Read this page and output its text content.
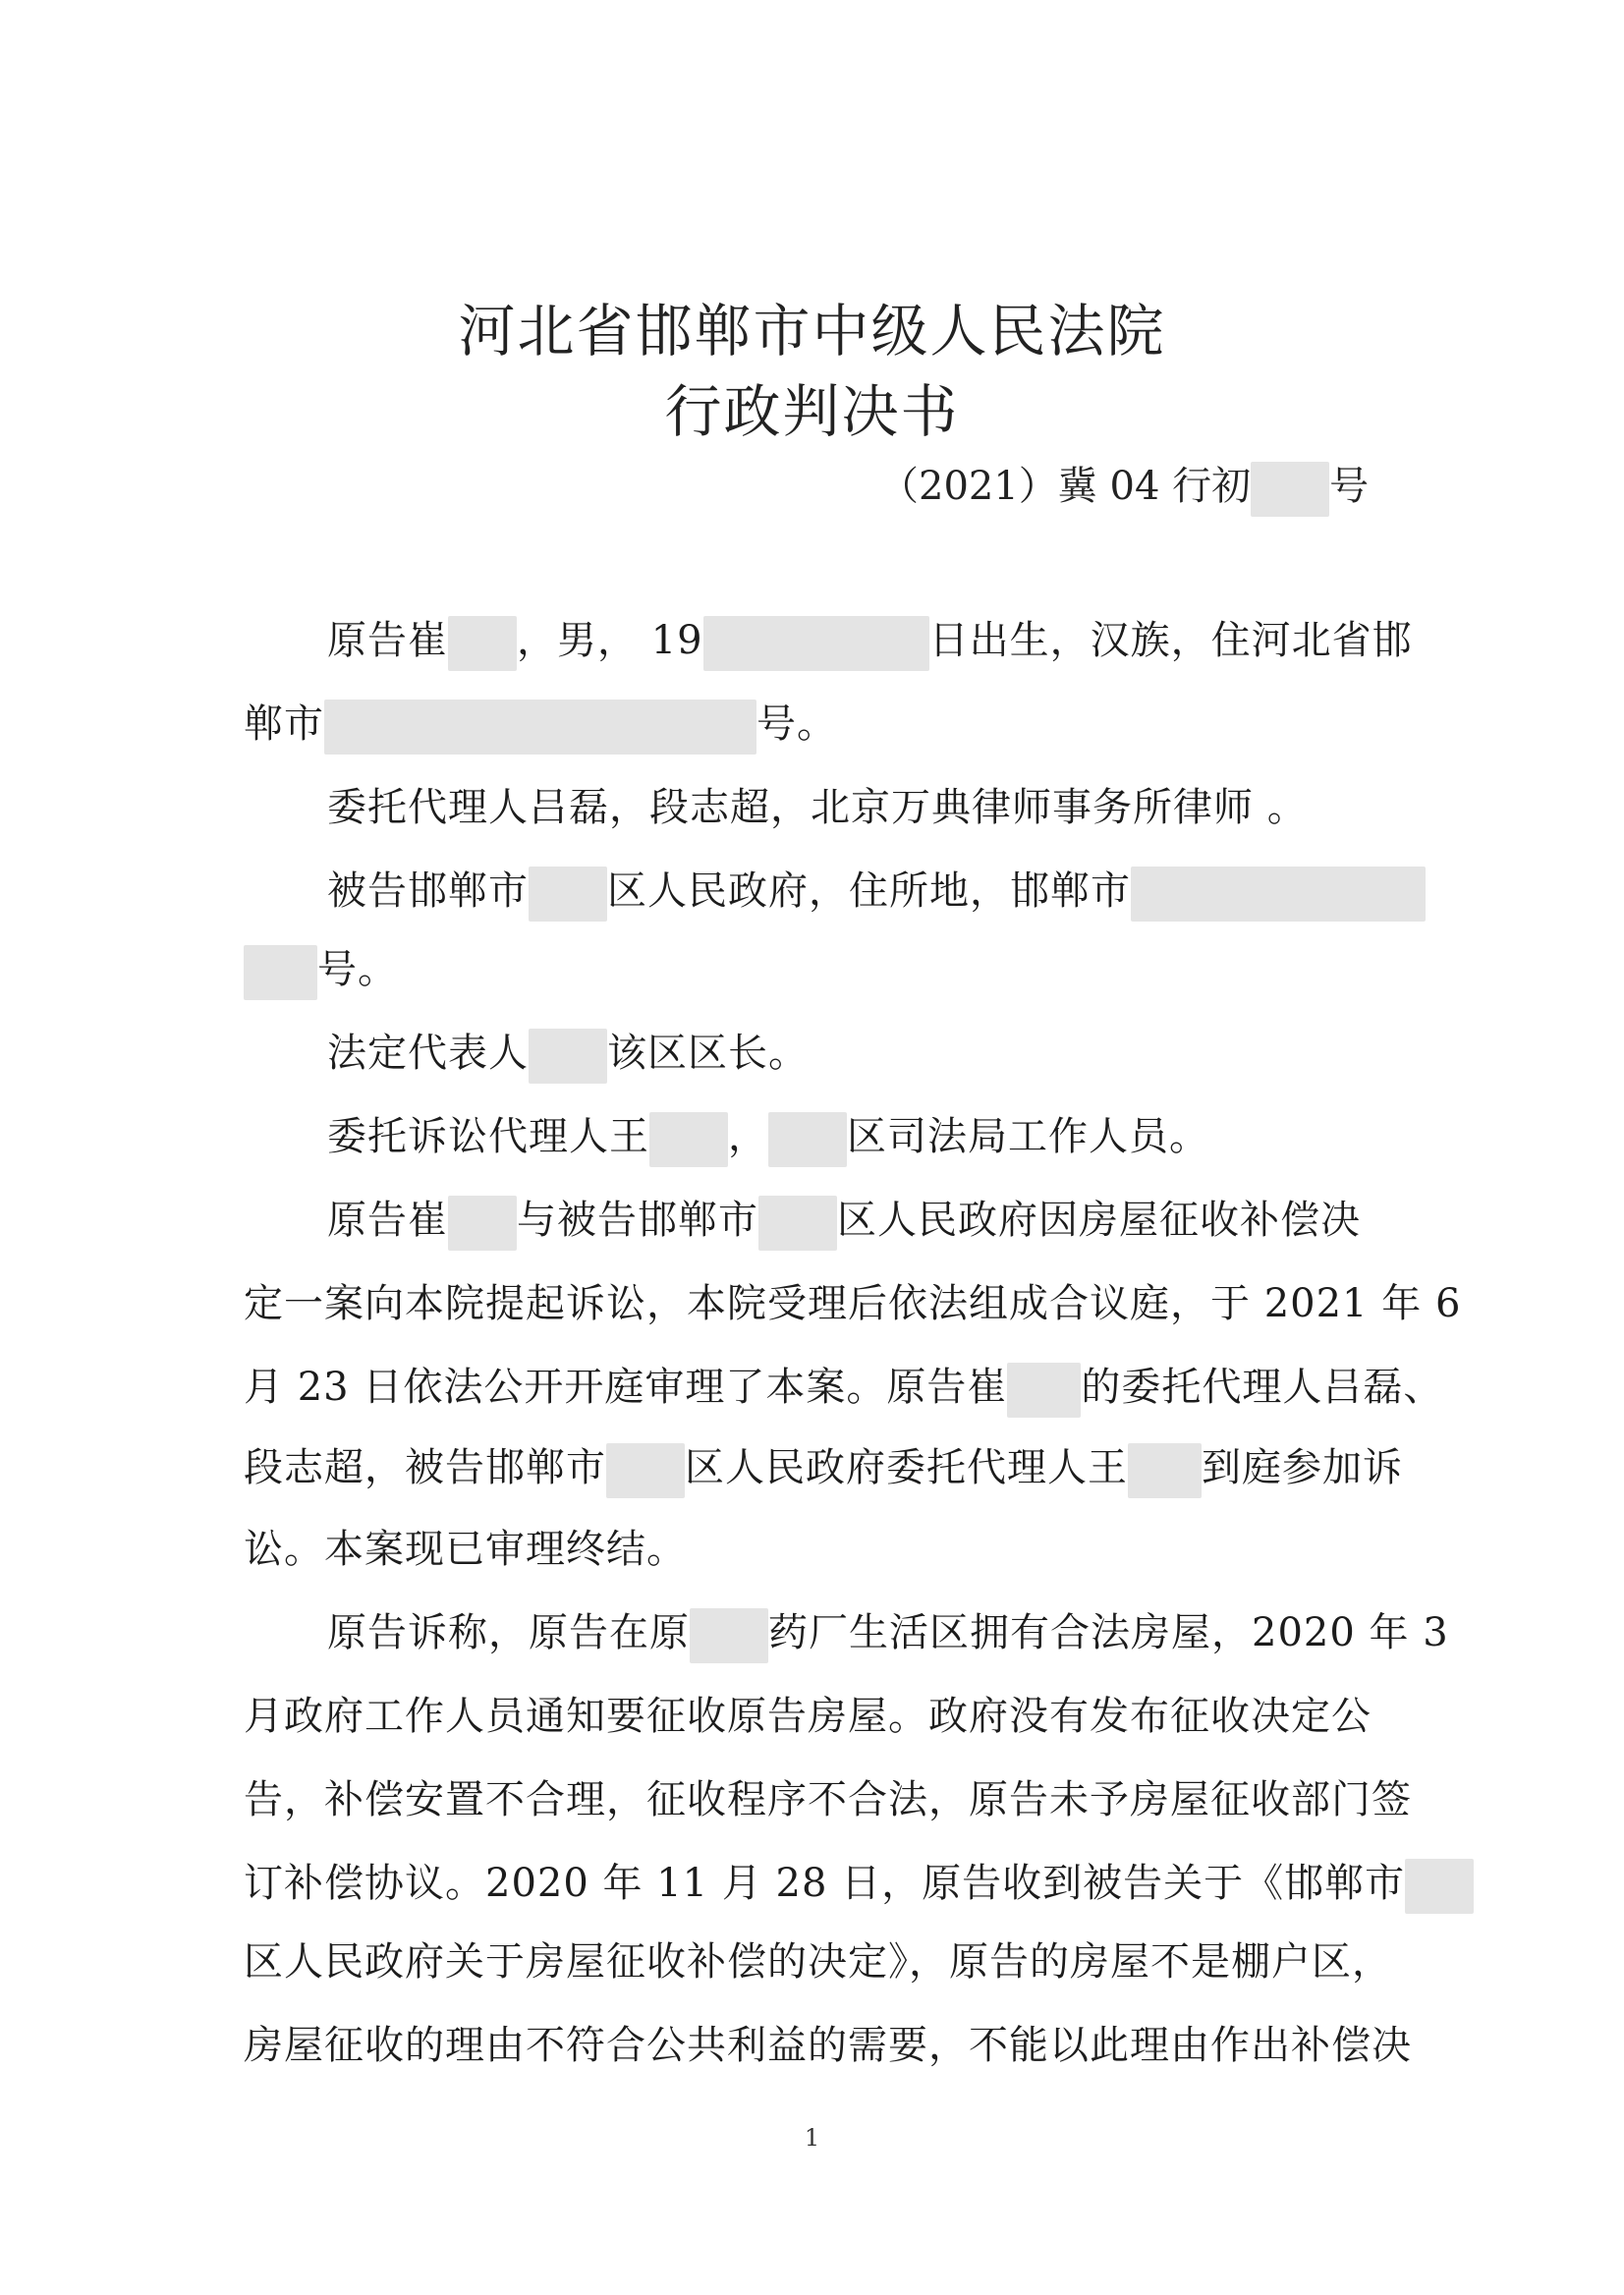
河北省邯郸市中级人民法院
行政判决书
（2021）冀 04 行初 号
原告崔 ，男， 19	日出生，汉族，住河北省邯
郸市	号。
委托代理人吕磊，段志超，北京万典律师事务所律师 。
被告邯郸市 区人民政府，住所地，邯郸市
号。
法定代表人 该区区长。
委托诉讼代理人王 ， 区司法局工作人员。
原告崔 与被告邯郸市 区人民政府因房屋征收补偿决
定一案向本院提起诉讼，本院受理后依法组成合议庭，于 2021 年 6
月 23 日依法公开开庭审理了本案。原告崔 的委托代理人吕磊、
段志超，被告邯郸市 区人民政府委托代理人王 到庭参加诉
讼。本案现已审理终结。
原告诉称，原告在原 药厂生活区拥有合法房屋，2020 年 3
月政府工作人员通知要征收原告房屋。政府没有发布征收决定公
告，补偿安置不合理，征收程序不合法，原告未予房屋征收部门签
订补偿协议。2020 年 11 月 28 日，原告收到被告关于《邯郸市
区人民政府关于房屋征收补偿的决定》，原告的房屋不是棚户区，
房屋征收的理由不符合公共利益的需要，不能以此理由作出补偿决
1
